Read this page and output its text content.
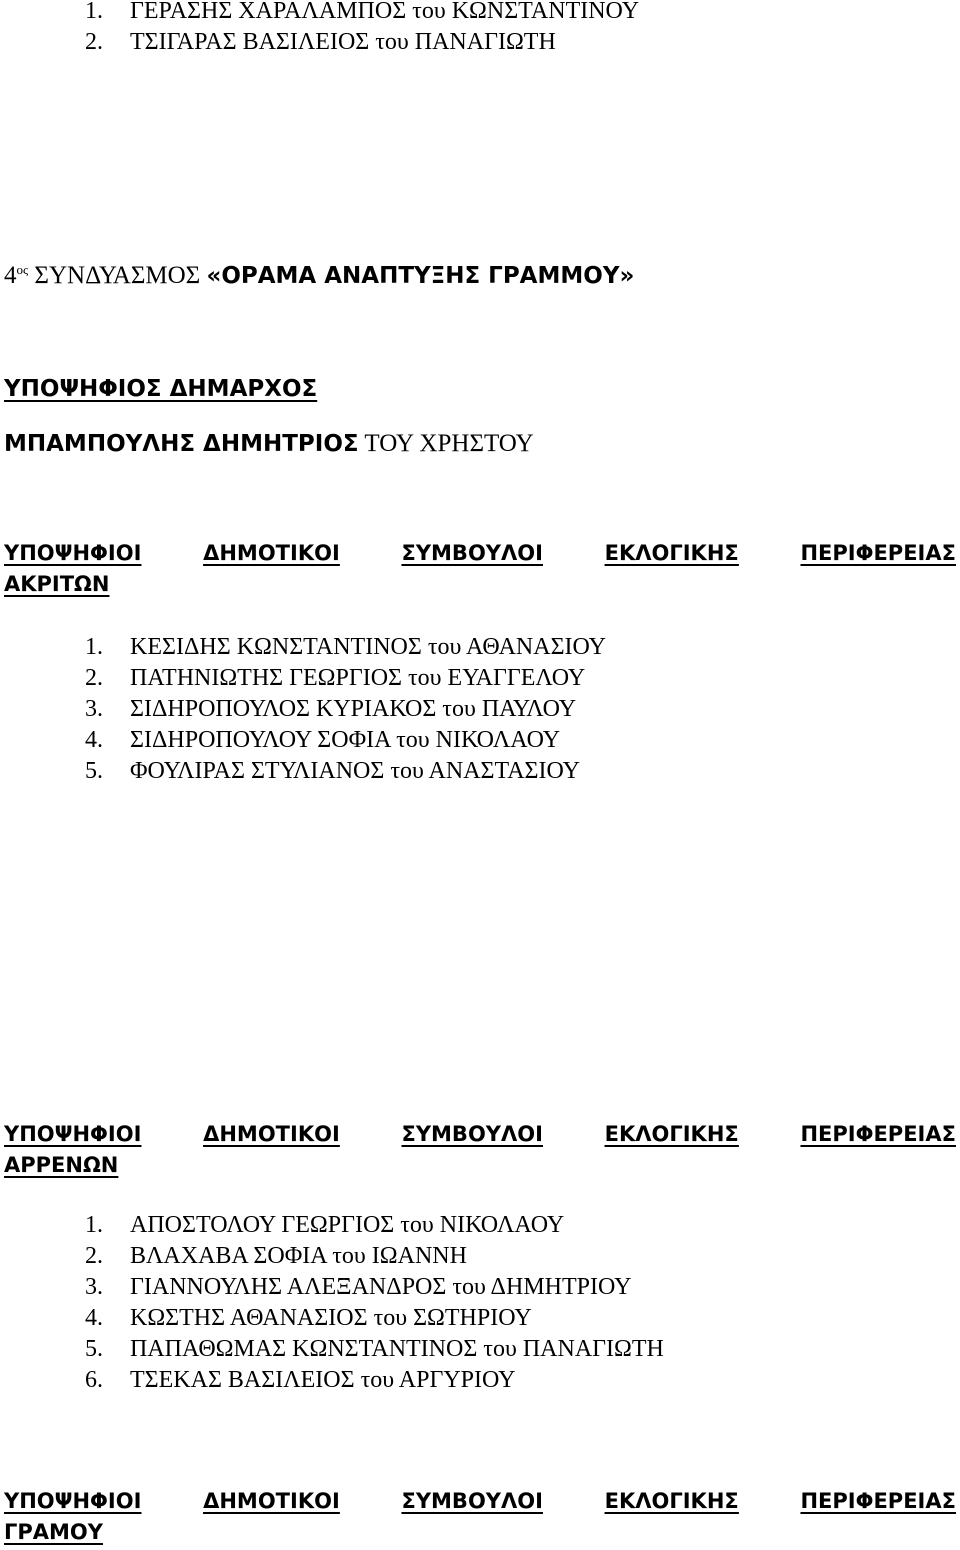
1. ΓΕΡΑΣΗΣ ΧΑΡΑΛΑΜΠΟΣ του ΚΩΝΣΤΑΝΤΙΝΟΥ
2. ΤΣΙΓΑΡΑΣ ΒΑΣΙΛΕΙΟΣ του ΠΑΝΑΓΙΩΤΗ
$4^{o\varsigma}$ ΣΥΝΔΥΑΣΜΟΣ «ΟΡΑΜΑ ΑΝΑΠΤΥΞΗΣ ΓΡΑΜΜΟΥ»
ΥΠΟΨΗΦΙΟΣ ΔΗΜΑΡΧΟΣ
ΜΠΑΜΠΟΥΛΗΣ ΔΗΜΗΤΡΙΟΣ ΤΟΥ ΧΡΗΣΤΟΥ
ΥΠΟΨΗΦΙΟΙ	ΔΗΜΟΤΙΚΟΙ	ΣΥΜΒΟΥΛΟΙ	ΕΚΛΟΓΙΚΗΣ	ΠΕΡΙΦΕΡΕΙΑΣ
ΑΚΡΙΤΩΝ
1. ΚΕΣΙΔΗΣ ΚΩΝΣΤΑΝΤΙΝΟΣ του ΑΘΑΝΑΣΙΟΥ
2. ΠΑΤΗΝΙΩΤΗΣ ΓΕΩΡΓΙΟΣ του ΕΥΑΓΓΕΛΟΥ
3. ΣΙΔΗΡΟΠΟΥΛΟΣ ΚΥΡΙΑΚΟΣ του ΠΑΥΛΟΥ
4. ΣΙΔΗΡΟΠΟΥΛΟΥ ΣΟΦΙΑ του ΝΙΚΟΛΑΟΥ
5. ΦΟΥΛΙΡΑΣ ΣΤΥΛΙΑΝΟΣ του ΑΝΑΣΤΑΣΙΟΥ
ΥΠΟΨΗΦΙΟΙ	ΔΗΜΟΤΙΚΟΙ	ΣΥΜΒΟΥΛΟΙ	ΕΚΛΟΓΙΚΗΣ	ΠΕΡΙΦΕΡΕΙΑΣ
ΑΡΡΕΝΩΝ
1. ΑΠΟΣΤΟΛΟΥ ΓΕΩΡΓΙΟΣ του ΝΙΚΟΛΑΟΥ
2. ΒΛΑΧΑΒΑ ΣΟΦΙΑ του ΙΩΑΝΝΗ
3. ΓΙΑΝΝΟΥΛΗΣ ΑΛΕΞΑΝΔΡΟΣ του ΔΗΜΗΤΡΙΟΥ
4. ΚΩΣΤΗΣ ΑΘΑΝΑΣΙΟΣ του ΣΩΤΗΡΙΟΥ
5. ΠΑΠΑΘΩΜΑΣ ΚΩΝΣΤΑΝΤΙΝΟΣ του ΠΑΝΑΓΙΩΤΗ
6. ΤΣΕΚΑΣ ΒΑΣΙΛΕΙΟΣ του ΑΡΓΥΡΙΟΥ
ΥΠΟΨΗΦΙΟΙ	ΔΗΜΟΤΙΚΟΙ	ΣΥΜΒΟΥΛΟΙ	ΕΚΛΟΓΙΚΗΣ	ΠΕΡΙΦΕΡΕΙΑΣ
ΓΡΑΜΟΥ
